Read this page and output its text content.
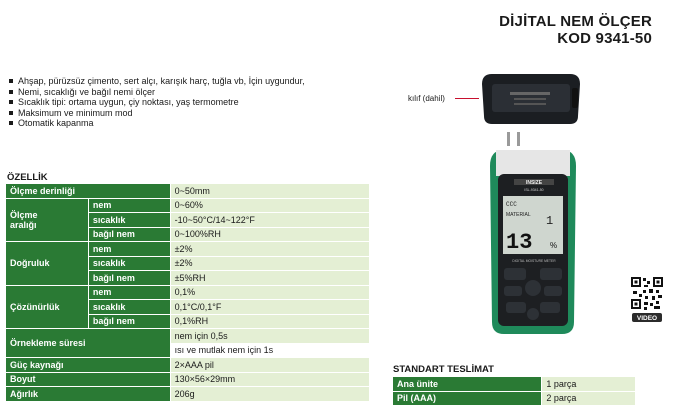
DİJİTAL NEM ÖLÇER
KOD 9341-50
Ahşap, pürüzsüz çimento, sert alçı, karışık harç, tuğla vb, İçin uygundur,
Nemi, sıcaklığı ve bağıl nemi ölçer
Sıcaklık tipi: ortama uygun, çiy noktası, yaş termometre
Maksimum ve minimum mod
Otomatik kapanma
ÖZELLİK
Ölçme derinliği		0~50mm
Ölçme
aralığı	nem	0~60%
	sıcaklık	-10~50°C/14~122°F
	bağıl nem	0~100%RH
Doğruluk	nem	±2%
	sıcaklık	±2%
	bağıl nem	±5%RH
Çözünürlük	nem	0,1%
	sıcaklık	0,1°C/0,1°F
	bağıl nem	0,1%RH
Örnekleme süresi		nem için 0,5s
		ısı ve mutlak nem için 1s
Güç kaynağı		2×AAA pil
Boyut		130×56×29mm
Ağırlık		206g
STANDART TESLİMAT
Ana ünite	1 parça
Pil (AAA)	2 parça
kılıf (dahil)
INSIZE
ISL-9341-50
CCC
MATERIAL 1
13 %
DIGITAL MOISTURE METER
VIDEO
